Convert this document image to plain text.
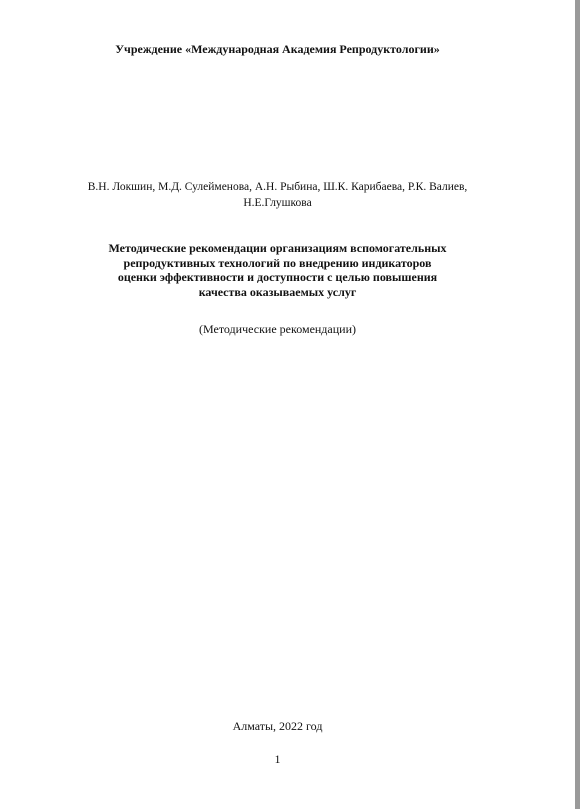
Учреждение «Международная Академия Репродуктологии»
В.Н. Локшин, М.Д. Сулейменова, А.Н. Рыбина, Ш.К. Карибаева, Р.К. Валиев,
Н.Е.Глушкова
Методические рекомендации организациям вспомогательных
репродуктивных технологий по внедрению индикаторов
оценки эффективности и доступности с целью повышения
качества оказываемых услуг
(Методические рекомендации)
Алматы, 2022 год
1
